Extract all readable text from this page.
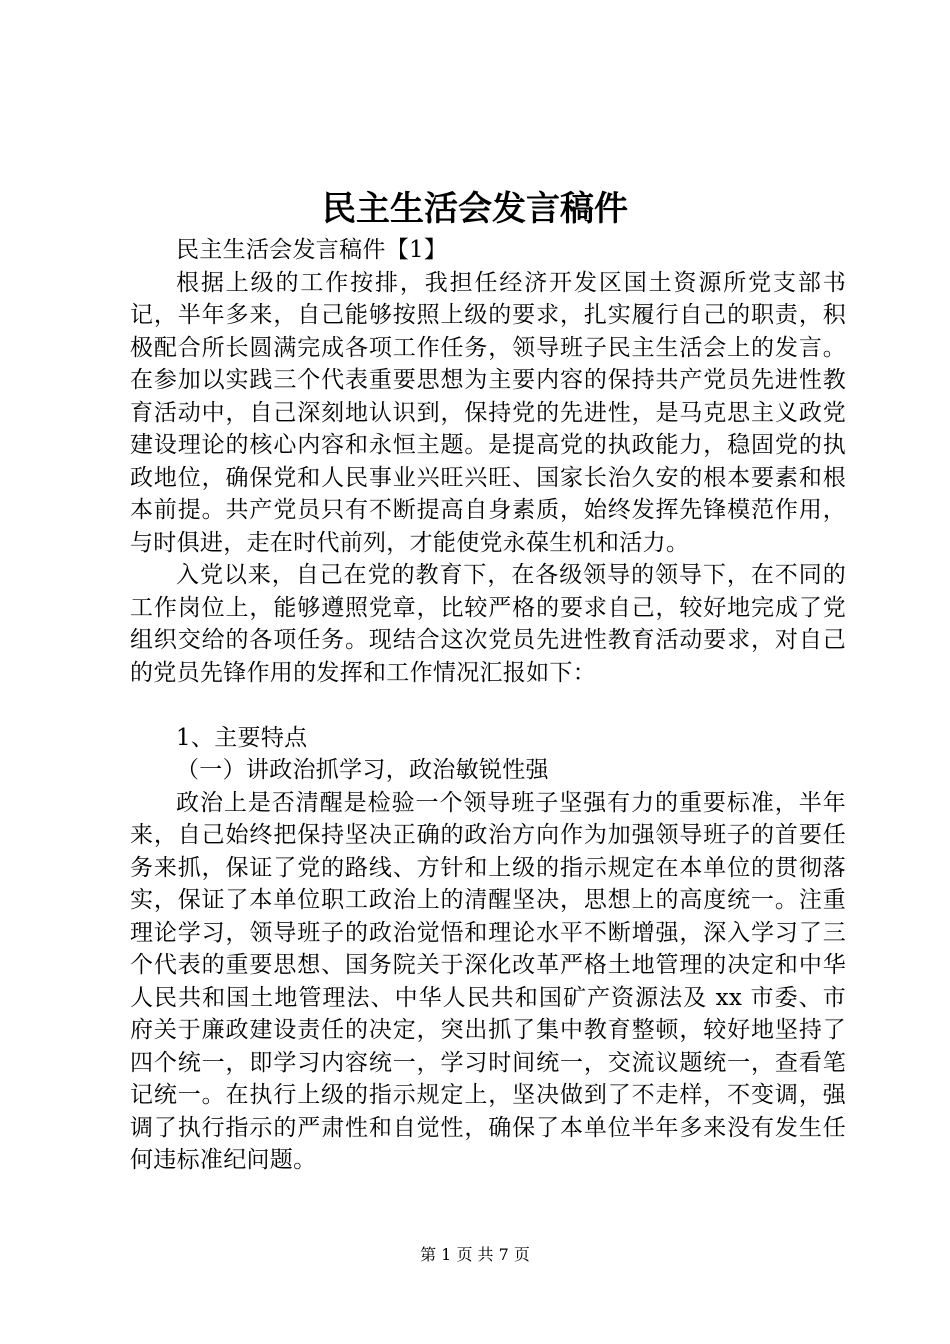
民主生活会发言稿件

民主生活会发言稿件【1】

根据上级的工作按排，我担任经济开发区国土资源所党支部书记，半年多来，自己能够按照上级的要求，扎实履行自己的职责，积极配合所长圆满完成各项工作任务，领导班子民主生活会上的发言。在参加以实践三个代表重要思想为主要内容的保持共产党员先进性教育活动中，自己深刻地认识到，保持党的先进性，是马克思主义政党建设理论的核心内容和永恒主题。是提高党的执政能力，稳固党的执政地位，确保党和人民事业兴旺兴旺、国家长治久安的根本要素和根本前提。共产党员只有不断提高自身素质，始终发挥先锋模范作用，与时俱进，走在时代前列，才能使党永葆生机和活力。

入党以来，自己在党的教育下，在各级领导的领导下，在不同的工作岗位上，能够遵照党章，比较严格的要求自己，较好地完成了党组织交给的各项任务。现结合这次党员先进性教育活动要求，对自己的党员先锋作用的发挥和工作情况汇报如下：

1、主要特点

（一）讲政治抓学习，政治敏锐性强

政治上是否清醒是检验一个领导班子坚强有力的重要标准，半年来，自己始终把保持坚决正确的政治方向作为加强领导班子的首要任务来抓，保证了党的路线、方针和上级的指示规定在本单位的贯彻落实，保证了本单位职工政治上的清醒坚决，思想上的高度统一。注重理论学习，领导班子的政治觉悟和理论水平不断增强，深入学习了三个代表的重要思想、国务院关于深化改革严格土地管理的决定和中华人民共和国土地管理法、中华人民共和国矿产资源法及 xx 市委、市府关于廉政建设责任的决定，突出抓了集中教育整顿，较好地坚持了四个统一，即学习内容统一，学习时间统一，交流议题统一，查看笔记统一。在执行上级的指示规定上，坚决做到了不走样，不变调，强调了执行指示的严肃性和自觉性，确保了本单位半年多来没有发生任何违标准纪问题。

第 1 页 共 7 页
